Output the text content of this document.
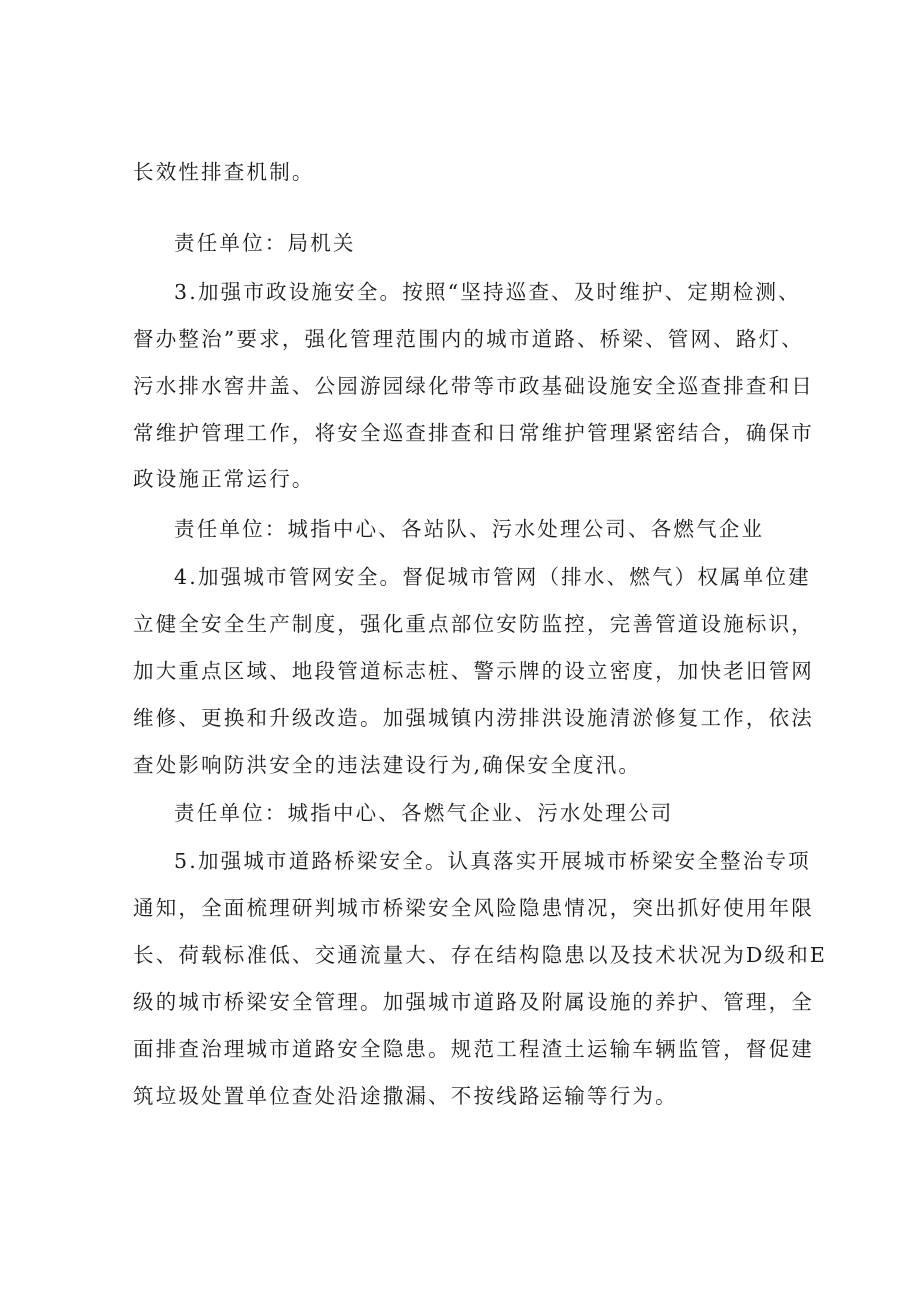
长效性排查机制。
责任单位：局机关
3.加强市政设施安全。按照“坚持巡查、及时维护、定期检测、
督办整治”要求，强化管理范围内的城市道路、桥梁、管网、路灯、
污水排水窖井盖、公园游园绿化带等市政基础设施安全巡查排查和日
常维护管理工作，将安全巡查排查和日常维护管理紧密结合，确保市
政设施正常运行。
责任单位：城指中心、各站队、污水处理公司、各燃气企业
4.加强城市管网安全。督促城市管网（排水、燃气）权属单位建
立健全安全生产制度，强化重点部位安防监控，完善管道设施标识，
加大重点区域、地段管道标志桩、警示牌的设立密度，加快老旧管网
维修、更换和升级改造。加强城镇内涝排洪设施清淤修复工作，依法
查处影响防洪安全的违法建设行为,确保安全度汛。
责任单位：城指中心、各燃气企业、污水处理公司
5.加强城市道路桥梁安全。认真落实开展城市桥梁安全整治专项
通知，全面梳理研判城市桥梁安全风险隐患情况，突出抓好使用年限
长、荷载标准低、交通流量大、存在结构隐患以及技术状况为D级和E
级的城市桥梁安全管理。加强城市道路及附属设施的养护、管理，全
面排查治理城市道路安全隐患。规范工程渣土运输车辆监管，督促建
筑垃圾处置单位查处沿途撒漏、不按线路运输等行为。
